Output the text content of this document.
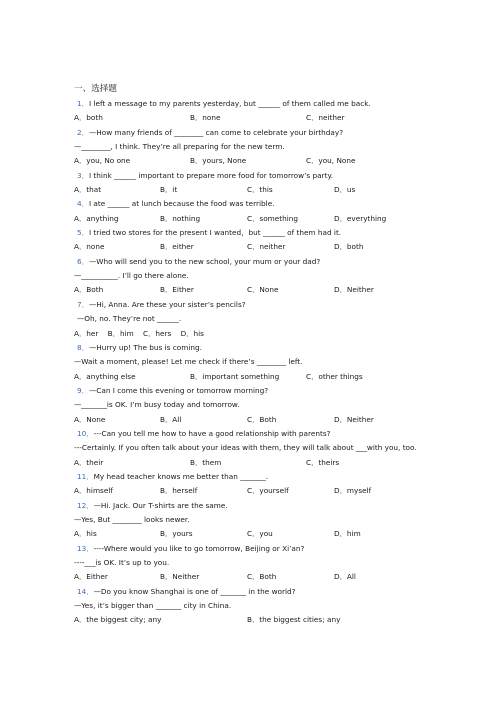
一、选择题
1．I left a message to my parents yesterday, but ______ of them called me back.
A．both	B．none	C．neither
2．—How many friends of ________ can come to celebrate your birthday?
—________, I think. They’re all preparing for the new term.
A．you, No one	B．yours, None	C．you, None
3．I think ______ important to prepare more food for tomorrow’s party.
A．that	B．it	C．this	D．us
4．I ate ______ at lunch because the food was terrible.
A．anything	B．nothing	C．something	D．everything
5．I tried two stores for the present I wanted，but ______ of them had it.
A．none	B．either	C．neither	D．both
6．—Who will send you to the new school, your mum or your dad?
—__________. I’ll go there alone.
A．Both	B．Either	C．None	D．Neither
7．—Hi, Anna. Are these your sister’s pencils?
—Oh, no. They’re not ______.
A．her    B．him    C．hers    D．his
8．—Hurry up! The bus is coming.
—Wait a moment, please! Let me check if there’s ________ left.
A．anything else	B．important something	C．other things
9．—Can I come this evening or tomorrow morning?
—_______is OK. I’m busy today and tomorrow.
A．None	B．All	C．Both	D．Neither
10．---Can you tell me how to have a good relationship with parents?
---Certainly. If you often talk about your ideas with them, they will talk about ___with you, too.
A．their	B．them	C．theirs
11．My head teacher knows me better than _______.
A．himself	B．herself	C．yourself	D．myself
12．—Hi. Jack. Our T-shirts are the same.
—Yes, But ________ looks newer.
A．his	B．yours	C．you	D．him
13．----Where would you like to go tomorrow, Beijing or Xi’an?
----___is OK. It’s up to you.
A．Either	B．Neither	C．Both	D．All
14．—Do you know Shanghai is one of _______ in the world?
—Yes, it’s bigger than _______ city in China.
A．the biggest city; any	B．the biggest cities; any
